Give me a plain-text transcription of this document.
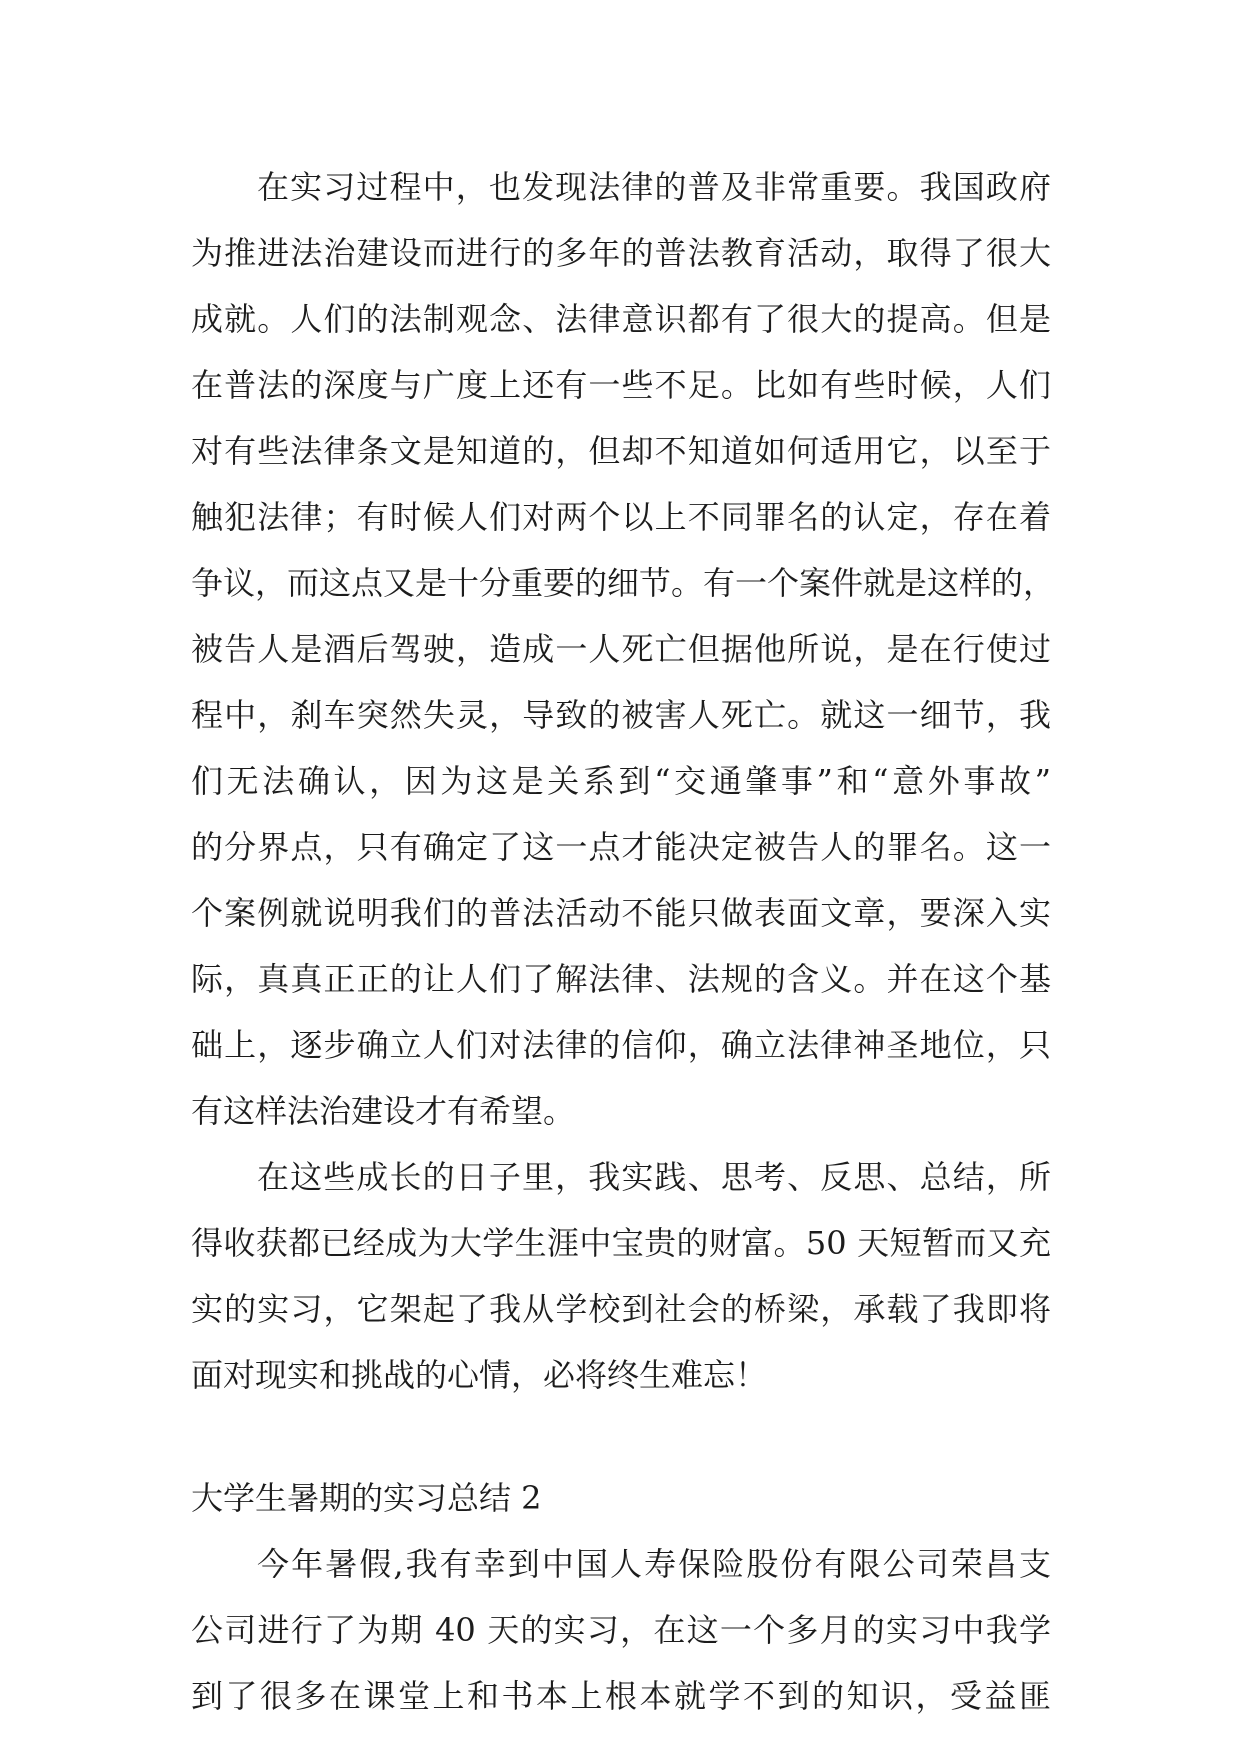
在实习过程中，也发现法律的普及非常重要。我国政府
为推进法治建设而进行的多年的普法教育活动，取得了很大
成就。人们的法制观念、法律意识都有了很大的提高。但是
在普法的深度与广度上还有一些不足。比如有些时候，人们
对有些法律条文是知道的，但却不知道如何适用它，以至于
触犯法律；有时候人们对两个以上不同罪名的认定，存在着
争议，而这点又是十分重要的细节。有一个案件就是这样的，
被告人是酒后驾驶，造成一人死亡但据他所说，是在行使过
程中，刹车突然失灵，导致的被害人死亡。就这一细节，我
们无法确认，因为这是关系到“交通肇事”和“意外事故”
的分界点，只有确定了这一点才能决定被告人的罪名。这一
个案例就说明我们的普法活动不能只做表面文章，要深入实
际，真真正正的让人们了解法律、法规的含义。并在这个基
础上，逐步确立人们对法律的信仰，确立法律神圣地位，只
有这样法治建设才有希望。
在这些成长的日子里，我实践、思考、反思、总结，所
得收获都已经成为大学生涯中宝贵的财富。50 天短暂而又充
实的实习，它架起了我从学校到社会的桥梁，承载了我即将
面对现实和挑战的心情，必将终生难忘！
大学生暑期的实习总结 2
今年暑假,我有幸到中国人寿保险股份有限公司荣昌支
公司进行了为期 40 天的实习，在这一个多月的实习中我学
到了很多在课堂上和书本上根本就学不到的知识，受益匪
